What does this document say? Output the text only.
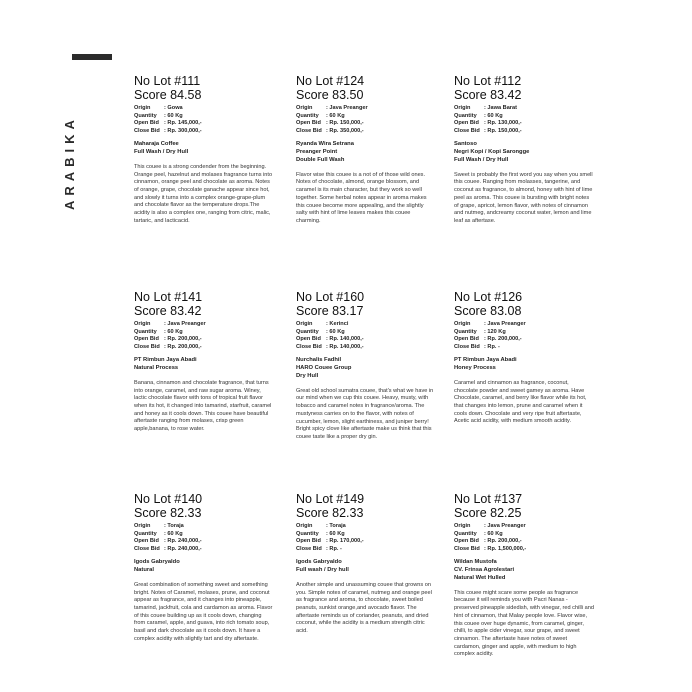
ARABIKA
No Lot #111
Score 84.58
Origin : Gowa
Quantity : 60 Kg
Open Bid : Rp. 145,000,-
Close Bid : Rp. 300,000,-
Maharaja Coffee
Full Wash / Dry Hull
This couee is a strong condender from the beginning. Orange peel, hazelnut and molases fragrance turns into cinnamon, orange peel and chocolate as aroma. Notes of orange, grape, chocolate ganache appear since hot, and slowly it turns into a complex orange-grape-plum and chocolate flavor as the temperature drops.The acidity is also a complex one, ranging from citric, malic, tartaric, and lacticacid.
No Lot #124
Score 83.50
Origin : Java Preanger
Quantity : 60 Kg
Open Bid : Rp. 150,000,-
Close Bid : Rp. 350,000,-
Ryanda Wira Setrana
Preanger Point
Double Full Wash
Flavor wise this couee is a not of of those wild ones. Notes of chocolate, almond, orange blossom, and caramel is its main character, but they work so well together. Some herbal notes appear in aroma makes this couee become more appealing, and the slightly salty with hint of lime leaves makes this couee charming.
No Lot #112
Score 83.42
Origin : Jawa Barat
Quantity : 60 Kg
Open Bid : Rp. 130,000,-
Close Bid : Rp. 150,000,-
Santoso
Negri Kopi / Kopi Sarongge
Full Wash / Dry Hull
Sweet is probably the first word you say when you smell this couee. Ranging from molasses, tangerine, and coconut as fragrance, to almond, honey with hint of lime peel as aroma. This couee is bursting with bright notes of grape, apricot, lemon flavor, with notes of cinnamon and nutmeg, andcreamy coconut water, lemon and lime leaf as aftertase.
No Lot #141
Score 83.42
Origin : Java Preanger
Quantity : 60 Kg
Open Bid : Rp. 200,000,-
Close Bid : Rp. 200,000,-
PT Rimbun Jaya Abadi
Natural Process
Banana, cinnamon and chocolate fragrance, that turns into orange, caramel, and raw sugar aroma. Winey, lactic chocolate flavor with tons of tropical fruit flavor when its hot, it changed into tamarind, starfruit, caramel and honey as it cools down. This couee have beautiful aftertaste ranging from molases, crisp green apple,banana, to rose water.
No Lot #160
Score 83.17
Origin : Kerinci
Quantity : 60 Kg
Open Bid : Rp. 140,000,-
Close Bid : Rp. 140,000,-
Nurchalis Fadhil
HARO Couee Group
Dry Hull
Great old school sumatra couee, that's what we have in our mind when we cup this couee. Heavy, musty, with tobacco and caramel notes in fragrance/aroma. The mustyness carries on to the flavor, with notes of cucumber, lemon, slight earthiness, and juniper berry! Bright spicy clove like aftertaste make us think that this couee taste like a proper dry gin.
No Lot #126
Score 83.08
Origin : Java Preanger
Quantity : 120 Kg
Open Bid : Rp. 200,000,-
Close Bid : Rp. -
PT Rimbun Jaya Abadi
Honey Process
Caramel and cinnamon as fragrance, coconut, chocolate powder and sweet gamey as aroma. Have Chocolate, caramel, and berry like flavor while its hot, that changes into lemon, prune and caramel when it cools down. Chocolate and very ripe fruit aftertaste, Acetic acid acidity, with medium smooth acidity.
No Lot #140
Score 82.33
Origin : Toraja
Quantity : 60 Kg
Open Bid : Rp. 240,000,-
Close Bid : Rp. 240,000,-
Igods Gabryaldo
Natural
Great combination of something sweet and something bright. Notes of Caramel, molases, prune, and coconut appear as fragrance, and it changes into pineapple, tamarind, jackfruit, cola and cardamon as aroma. Flavor of this couee building up as it cools down, changing from caramel, apple, and guava, into rich tomato soup, basil and dark chocolate as it cools down. It have a complex acidity with slightly tart and dry aftertaste.
No Lot #149
Score 82.33
Origin : Toraja
Quantity : 60 Kg
Open Bid : Rp. 170,000,-
Close Bid : Rp. -
Igods Gabryaldo
Full wash / Dry hull
Another simple and unassuming couee that growns on you. Simple notes of caramel, nutmeg and orange peel as fragrance and aroma, to chocolate, sweet boiled peanuts, sunkist orange,and avocado flavor. The aftertaste reminds us of coriander, peanuts, and dried coconut, while the acidity is a medium strength citric acid.
No Lot #137
Score 82.25
Origin : Java Preanger
Quantity : 60 Kg
Open Bid : Rp. 200,000,-
Close Bid : Rp. 1,500,000,-
Wildan Mustofa
CV. Frinsa Agrolestari
Natural Wet Hulled
This couee might scare some people as fragrance because it will reminds you with Pacri Nanas - preserved pineapple sidedish, with vinegar, red chilli and hint of cinnamon, that Malay people love. Flavor wise, this couee over huge dynamic, from caramel, ginger, chilli, to apple cider vinegar, sour grape, and sweet cinnamon. The aftertaste have notes of sweet cardamon, ginger and apple, with medium to high complex acidity.
